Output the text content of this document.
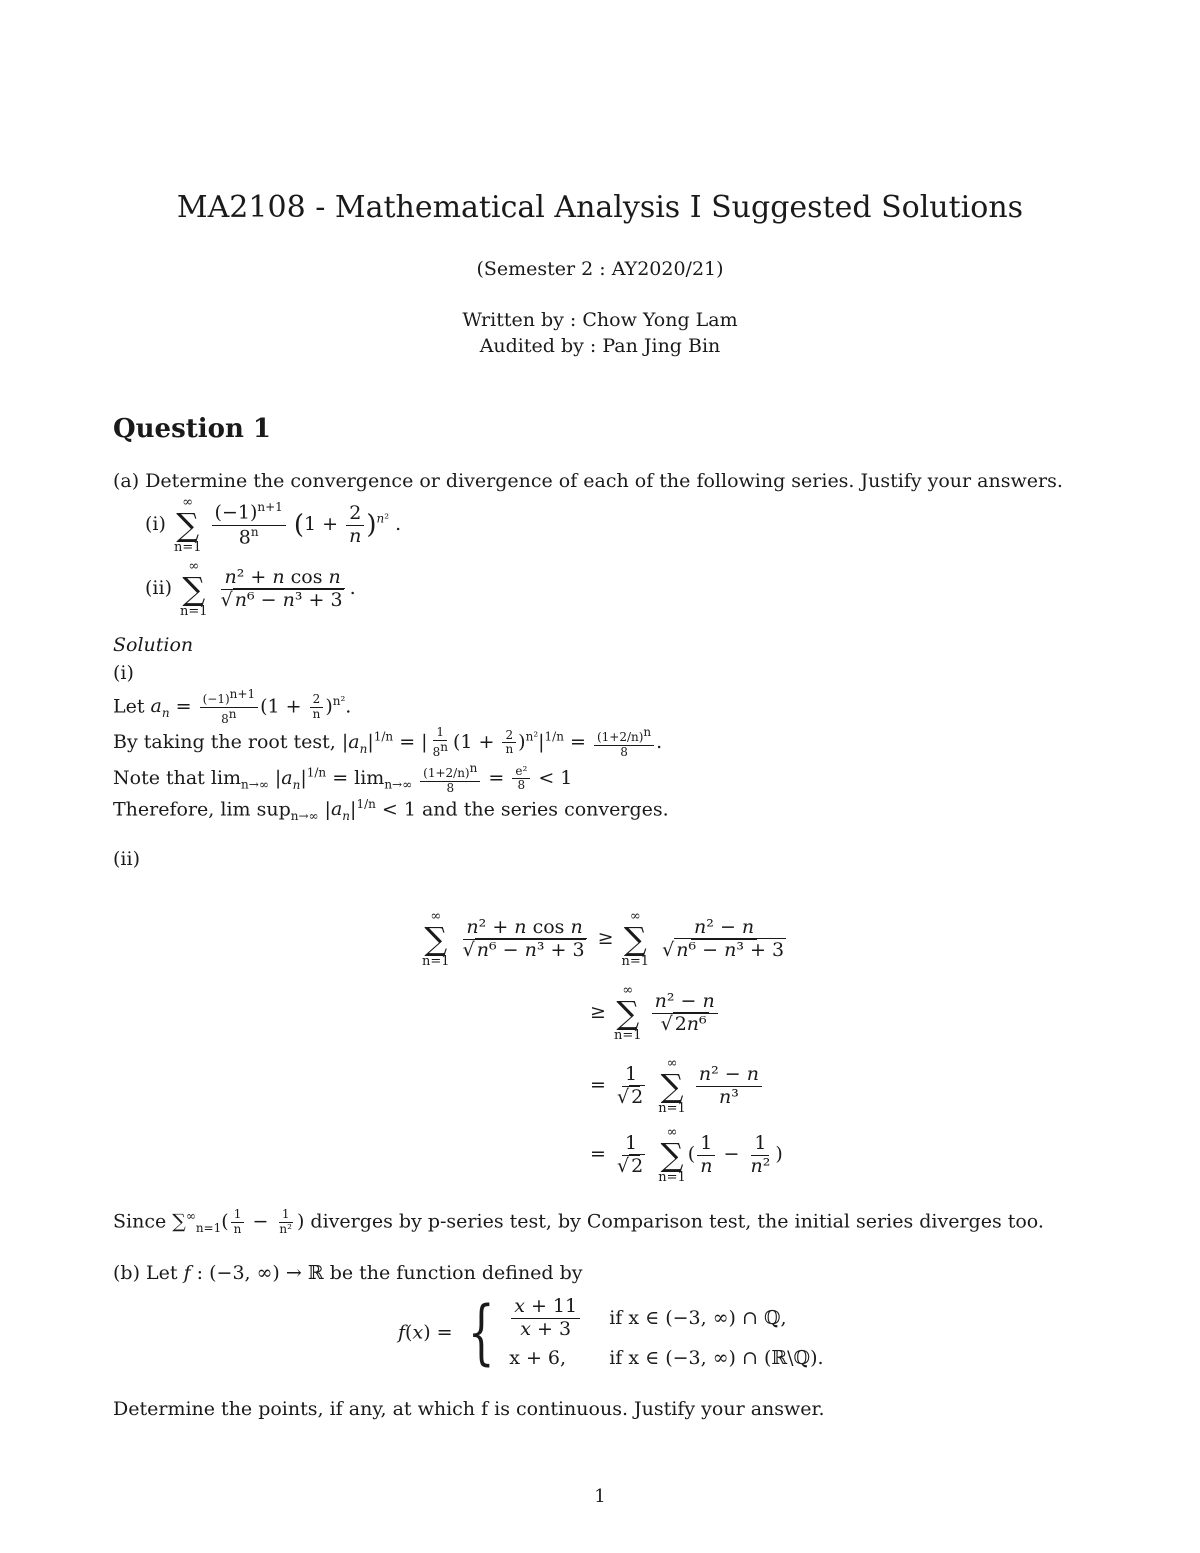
MA2108 - Mathematical Analysis I Suggested Solutions
(Semester 2 : AY2020/21)
Written by : Chow Yong Lam
Audited by : Pan Jing Bin
Question 1
(a) Determine the convergence or divergence of each of the following series. Justify your answers.
(i)
∞
∑
n=1
$\frac{(-1)^{n+1}}{8^n} (1 + \frac{2}{n} )^{n^2}$ .
(ii)
∞
∑
n=1

$\frac{\text{n² + n cos n}}{\text{√ n⁶ − n³ + 3}}$ .
Solution
(i)
Let $a_n = \frac{(-1)^{n+1}}{8^n} (1 + \frac{2}{n} )^{n^2}$.
By taking the root test, $|a_n|^{1/n}$ = | $\frac{1}{8^n} (1 + \frac{2}{n} )^{n^2}|^{1/n} = \frac{(1+2/n)^n}{8}$ .
Note that $\lim_{n\to\infty} |a_n|^{1/n} = \lim_{n\to\infty} \frac{(1+2/n)^n}{8} = \frac{\text{e²}}{8} < 1$
Therefore, lim sup$_{n\to\infty}$ $|a_n|^{1/n} < 1$ and the series converges.
(ii)
∞
∑
n=1

$\frac{\text{n² + n cos n}}{\text{√ n⁶ − n³ + 3}}$ ≥
∞
∑
n=1

$\frac{\text{n² − n}}{\text{√ n⁶ − n³ + 3}}$
≥
∞
∑
n=1

$\frac{\text{n² − n}}{\text{√ 2n⁶}}$
= $\frac{1}{√ 2}$

∞
∑
n=1

$\frac{\text{n² − n}}{\text{n³}}$
= $\frac{1}{√ 2}$

∞
∑
n=1
( $\frac{1}{n} - \frac{1}{\text{n²}}$ )
Since $\sum^\infty_{n=1}( \frac{1}{n} - \frac{1}{\text{n²}}$ ) diverges by p-series test, by Comparison test, the initial series diverges too.
(b) Let f : (−3, ∞) → ℝ be the function defined by
f(x) = { $\frac{x + 11}{x + 3}$ if x ∈ (−3, ∞) ∩ ℚ,
x + 6,	if x ∈ (−3, ∞) ∩ (ℝ\ℚ).
Determine the points, if any, at which f is continuous. Justify your answer.
1
